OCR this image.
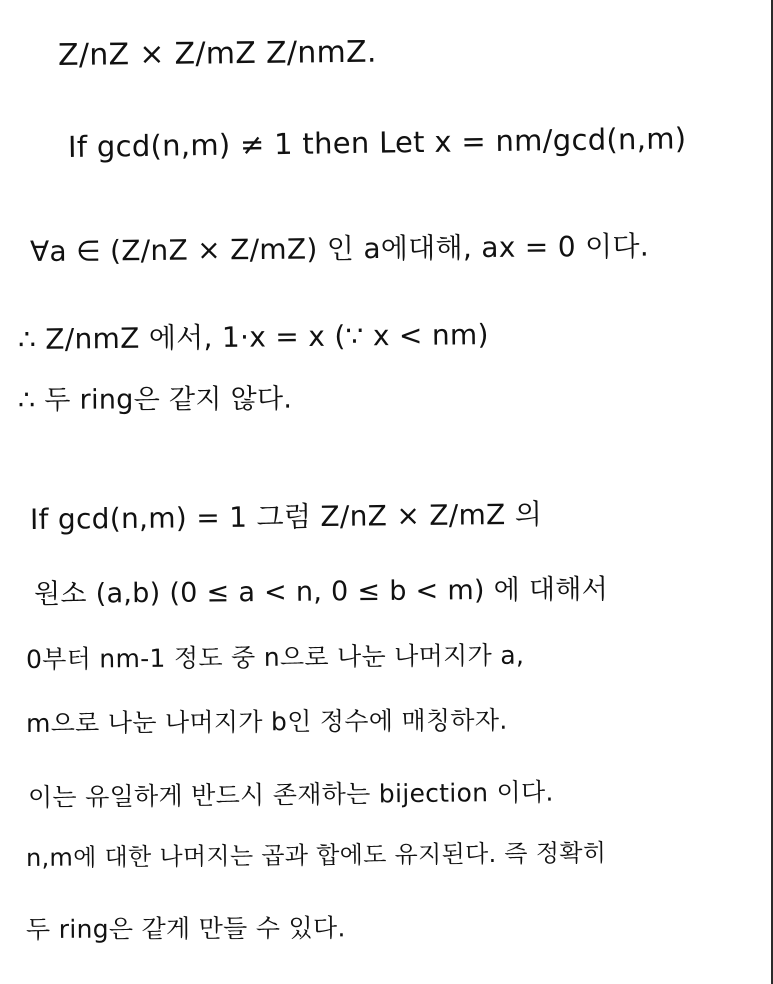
Z/nZ × Z/mZ Z/nmZ.
If gcd(n,m) ≠ 1 then Let x = nm/gcd(n,m)
∀a ∈ (Z/nZ × Z/mZ) 인 a에대해, ax = 0 이다.
∴ Z/nmZ 에서, 1·x = x (∵ x < nm)
∴ 두 ring은 같지 않다.
If gcd(n,m) = 1 그럼 Z/nZ × Z/mZ 의
원소 (a,b) (0 ≤ a < n, 0 ≤ b < m) 에 대해서
0부터 nm-1 정도 중 n으로 나눈 나머지가 a,
m으로 나눈 나머지가 b인 정수에 매칭하자.
이는 유일하게 반드시 존재하는 bijection 이다.
n,m에 대한 나머지는 곱과 합에도 유지된다. 즉 정확히
두 ring은 같게 만들 수 있다.
